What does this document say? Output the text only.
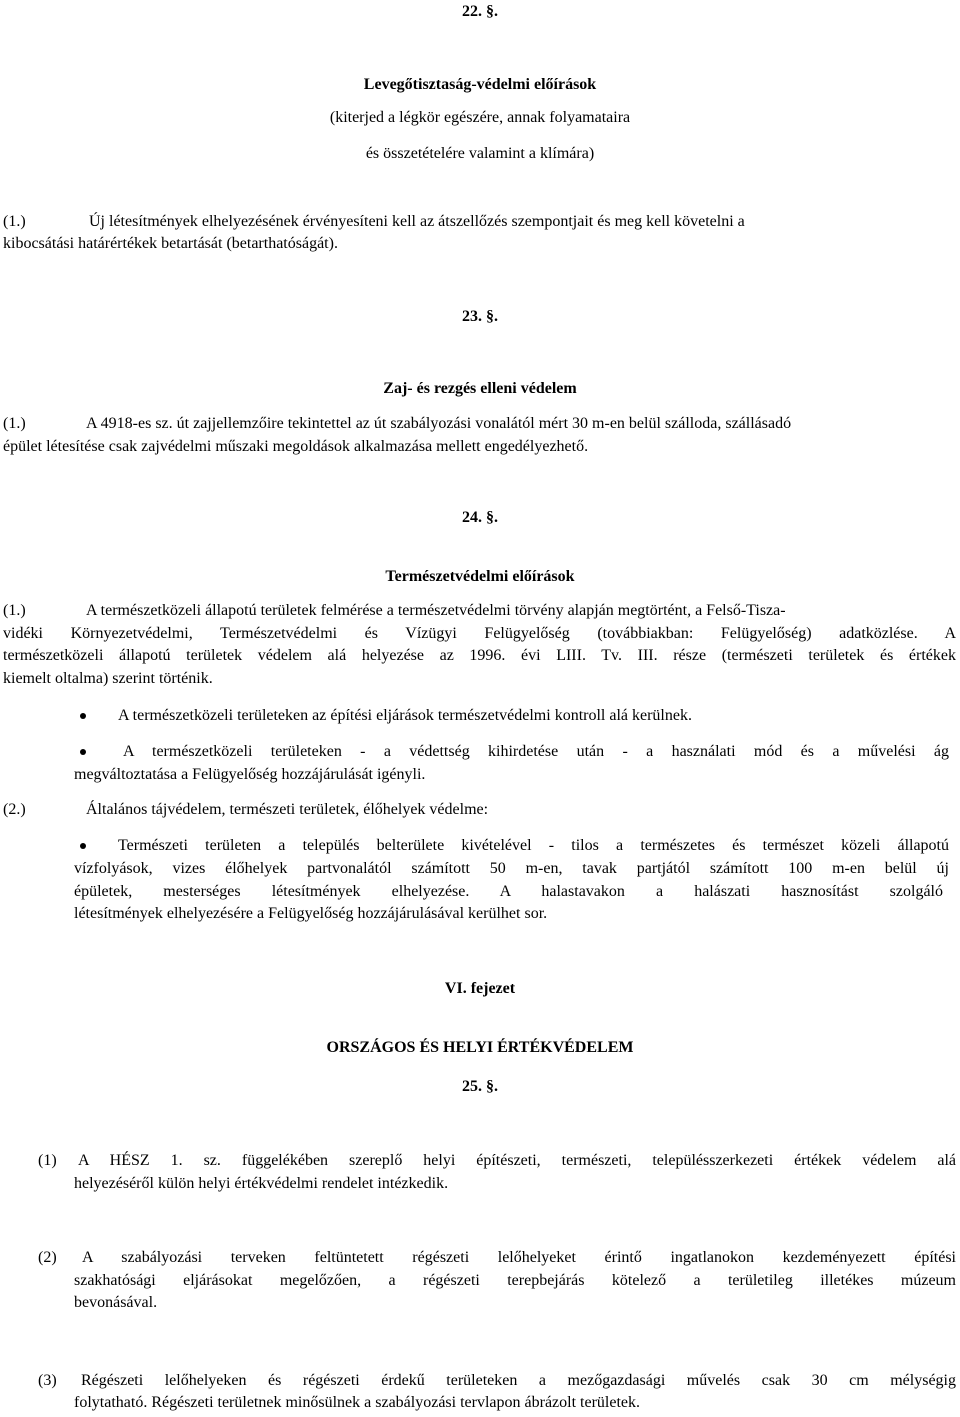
22. §.
Levegőtisztaság-védelmi előírások
(kiterjed a légkör egészére, annak folyamataira
és összetételére valamint a klímára)
(1.)	Új létesítmények elhelyezésének érvényesíteni kell az átszellőzés szempontjait és meg kell követelni a
kibocsátási határértékek betartását (betarthatóságát).
23. §.
Zaj- és rezgés elleni védelem
(1.)	A 4918-es sz. út zajjellemzőire tekintettel az út szabályozási vonalától mért 30 m-en belül szálloda, szállásadó
épület létesítése csak zajvédelmi műszaki megoldások alkalmazása mellett engedélyezhető.
24. §.
Természetvédelmi előírások
(1.)	A természetközeli állapotú területek felmérése a természetvédelmi törvény alapján megtörtént, a Felső-Tisza-
vidéki Környezetvédelmi, Természetvédelmi és Vízügyi Felügyelőség (továbbiakban: Felügyelőség) adatközlése. A
természetközeli állapotú területek védelem alá helyezése az 1996. évi LIII. Tv. III. része (természeti területek és értékek
kiemelt oltalma) szerint történik.
A természetközeli területeken az építési eljárások természetvédelmi kontroll alá kerülnek.
A természetközeli területeken - a védettség kihirdetése után - a használati mód és a művelési ág
megváltoztatása a Felügyelőség hozzájárulását igényli.
(2.)	Általános tájvédelem, természeti területek, élőhelyek védelme:
Természeti területen a település belterülete kivételével - tilos a természetes és természet közeli állapotú
vízfolyások, vizes élőhelyek partvonalától számított 50 m-en, tavak partjától számított 100 m-en belül új
épületek, mesterséges létesítmények elhelyezése. A halastavakon a halászati hasznosítást szolgáló
létesítmények elhelyezésére a Felügyelőség hozzájárulásával kerülhet sor.
VI. fejezet
ORSZÁGOS ÉS HELYI ÉRTÉKVÉDELEM
25. §.
(1) A HÉSZ 1. sz. függelékében szereplő helyi építészeti, természeti, településszerkezeti értékek védelem alá
helyezéséről külön helyi értékvédelmi rendelet intézkedik.
(2) A szabályozási terveken feltüntetett régészeti lelőhelyeket érintő ingatlanokon kezdeményezett építési
szakhatósági eljárásokat megelőzően, a régészeti terepbejárás kötelező a területileg illetékes múzeum
bevonásával.
(3) Régészeti lelőhelyeken és régészeti érdekű területeken a mezőgazdasági művelés csak 30 cm mélységig
folytatható. Régészeti területnek minősülnek a szabályozási tervlapon ábrázolt területek.
